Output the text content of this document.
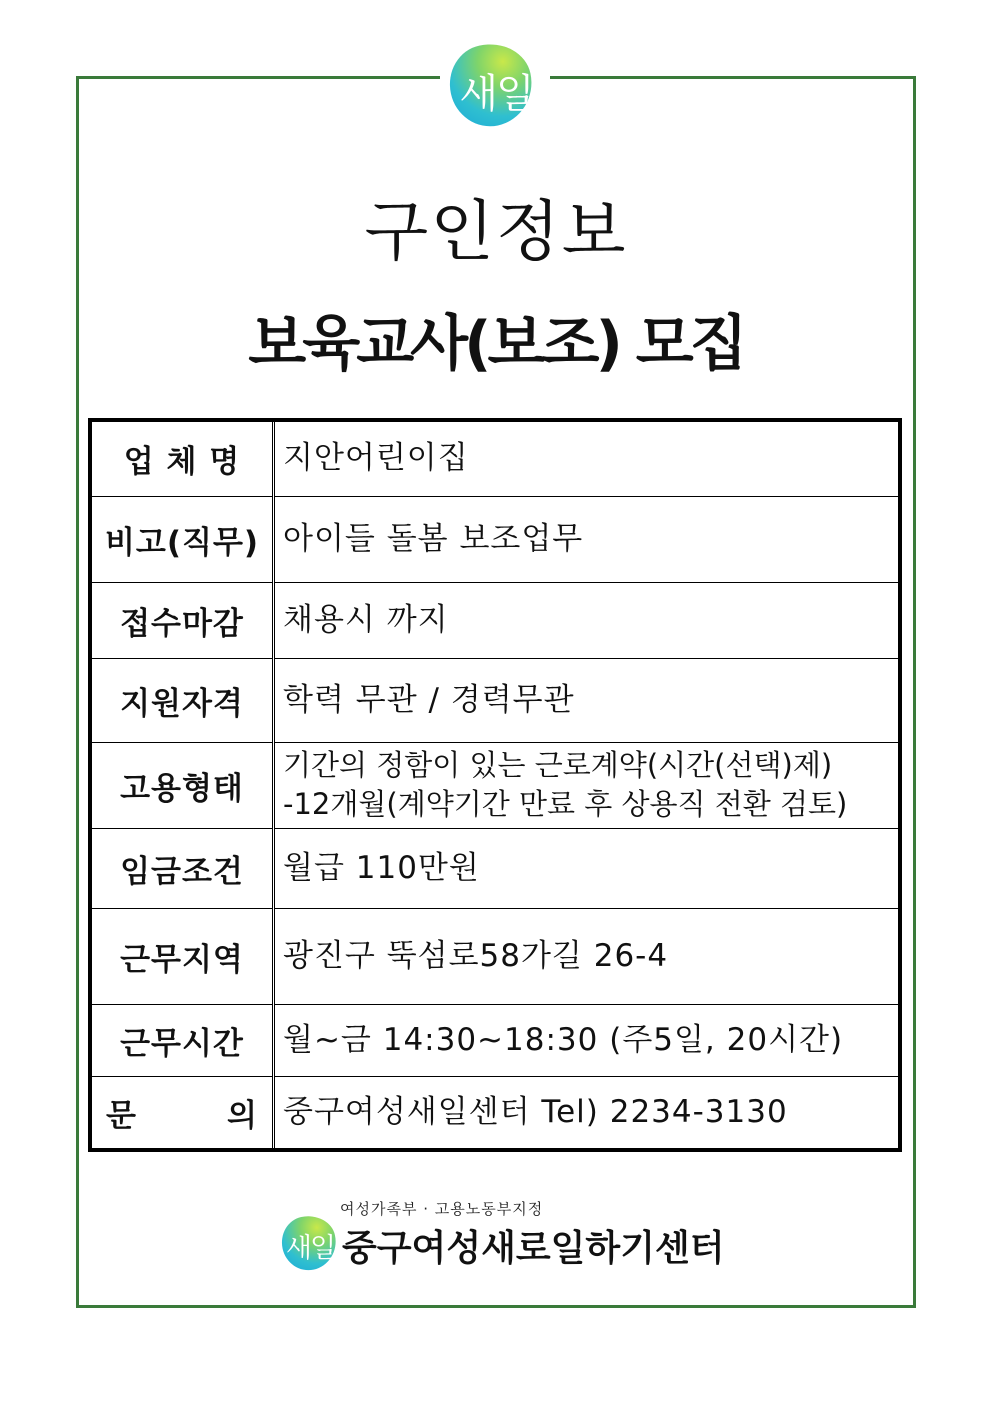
새일
구인정보
보육교사(보조) 모집
업 체 명	지안어린이집
비고(직무)	아이들 돌봄 보조업무
접수마감	채용시 까지
지원자격	학력 무관 / 경력무관
고용형태	기간의 정함이 있는 근로계약(시간(선택)제)
-12개월(계약기간 만료 후 상용직 전환 검토)

임금조건	월급 110만원
근무지역	광진구 뚝섬로58가길 26-4
근무시간	월~금 14:30~18:30 (주5일, 20시간)
문 의	중구여성새일센터 Tel) 2234-3130
여성가족부 · 고용노동부지정
새일 중구여성새로일하기센터
